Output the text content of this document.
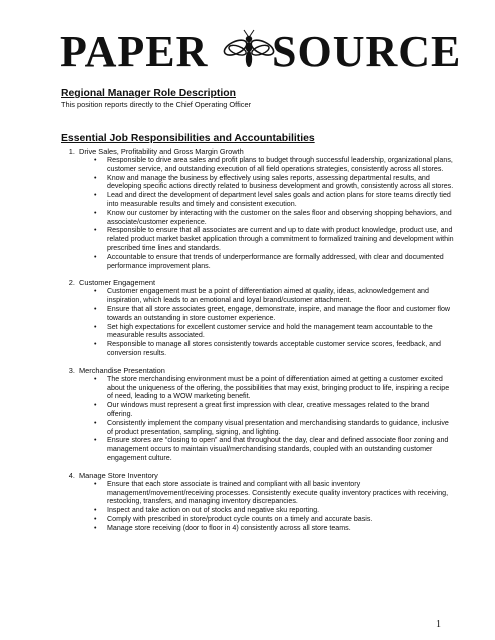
PAPER SOURCE
Regional Manager Role Description

This position reports directly to the Chief Operating Officer

Essential Job Responsibilities and Accountabilities
1. Drive Sales, Profitability and Gross Margin Growth
• Responsible to drive area sales and profit plans to budget through successful leadership, organizational plans, customer service, and outstanding execution of all field operations strategies, consistently across all stores.
• Know and manage the business by effectively using sales reports, assessing departmental results, and developing specific actions directly related to business development and growth, consistently across all stores.
• Lead and direct the development of department level sales goals and action plans for store teams directly tied into measurable results and timely and consistent execution.
• Know our customer by interacting with the customer on the sales floor and observing shopping behaviors, and associate/customer experience.
• Responsible to ensure that all associates are current and up to date with product knowledge, product use, and related product market basket application through a commitment to formalized training and development within prescribed time lines and standards.
• Accountable to ensure that trends of underperformance are formally addressed, with clear and documented performance improvement plans.
2. Customer Engagement
• Customer engagement must be a point of differentiation aimed at quality, ideas, acknowledgement and inspiration, which leads to an emotional and loyal brand/customer attachment.
• Ensure that all store associates greet, engage, demonstrate, inspire, and manage the floor and customer flow towards an outstanding in store customer experience.
• Set high expectations for excellent customer service and hold the management team accountable to the measurable results associated.
• Responsible to manage all stores consistently towards acceptable customer service scores, feedback, and conversion results.
3. Merchandise Presentation
• The store merchandising environment must be a point of differentiation aimed at getting a customer excited about the uniqueness of the offering, the possibilities that may exist, bringing product to life, inspiring a recipe of need, leading to a WOW marketing benefit.
• Our windows must represent a great first impression with clear, creative messages related to the brand offering.
• Consistently implement the company visual presentation and merchandising standards to guidance, inclusive of product presentation, sampling, signing, and lighting.
• Ensure stores are “closing to open” and that throughout the day, clear and defined associate floor zoning and management occurs to maintain visual/merchandising standards, coupled with an outstanding customer engagement culture.
4. Manage Store Inventory
• Ensure that each store associate is trained and compliant with all basic inventory management/movement/receiving processes. Consistently execute quality inventory practices with receiving, restocking, transfers, and managing inventory discrepancies.
• Inspect and take action on out of stocks and negative sku reporting.
• Comply with prescribed in store/product cycle counts on a timely and accurate basis.
• Manage store receiving (door to floor in 4) consistently across all store teams.
1
